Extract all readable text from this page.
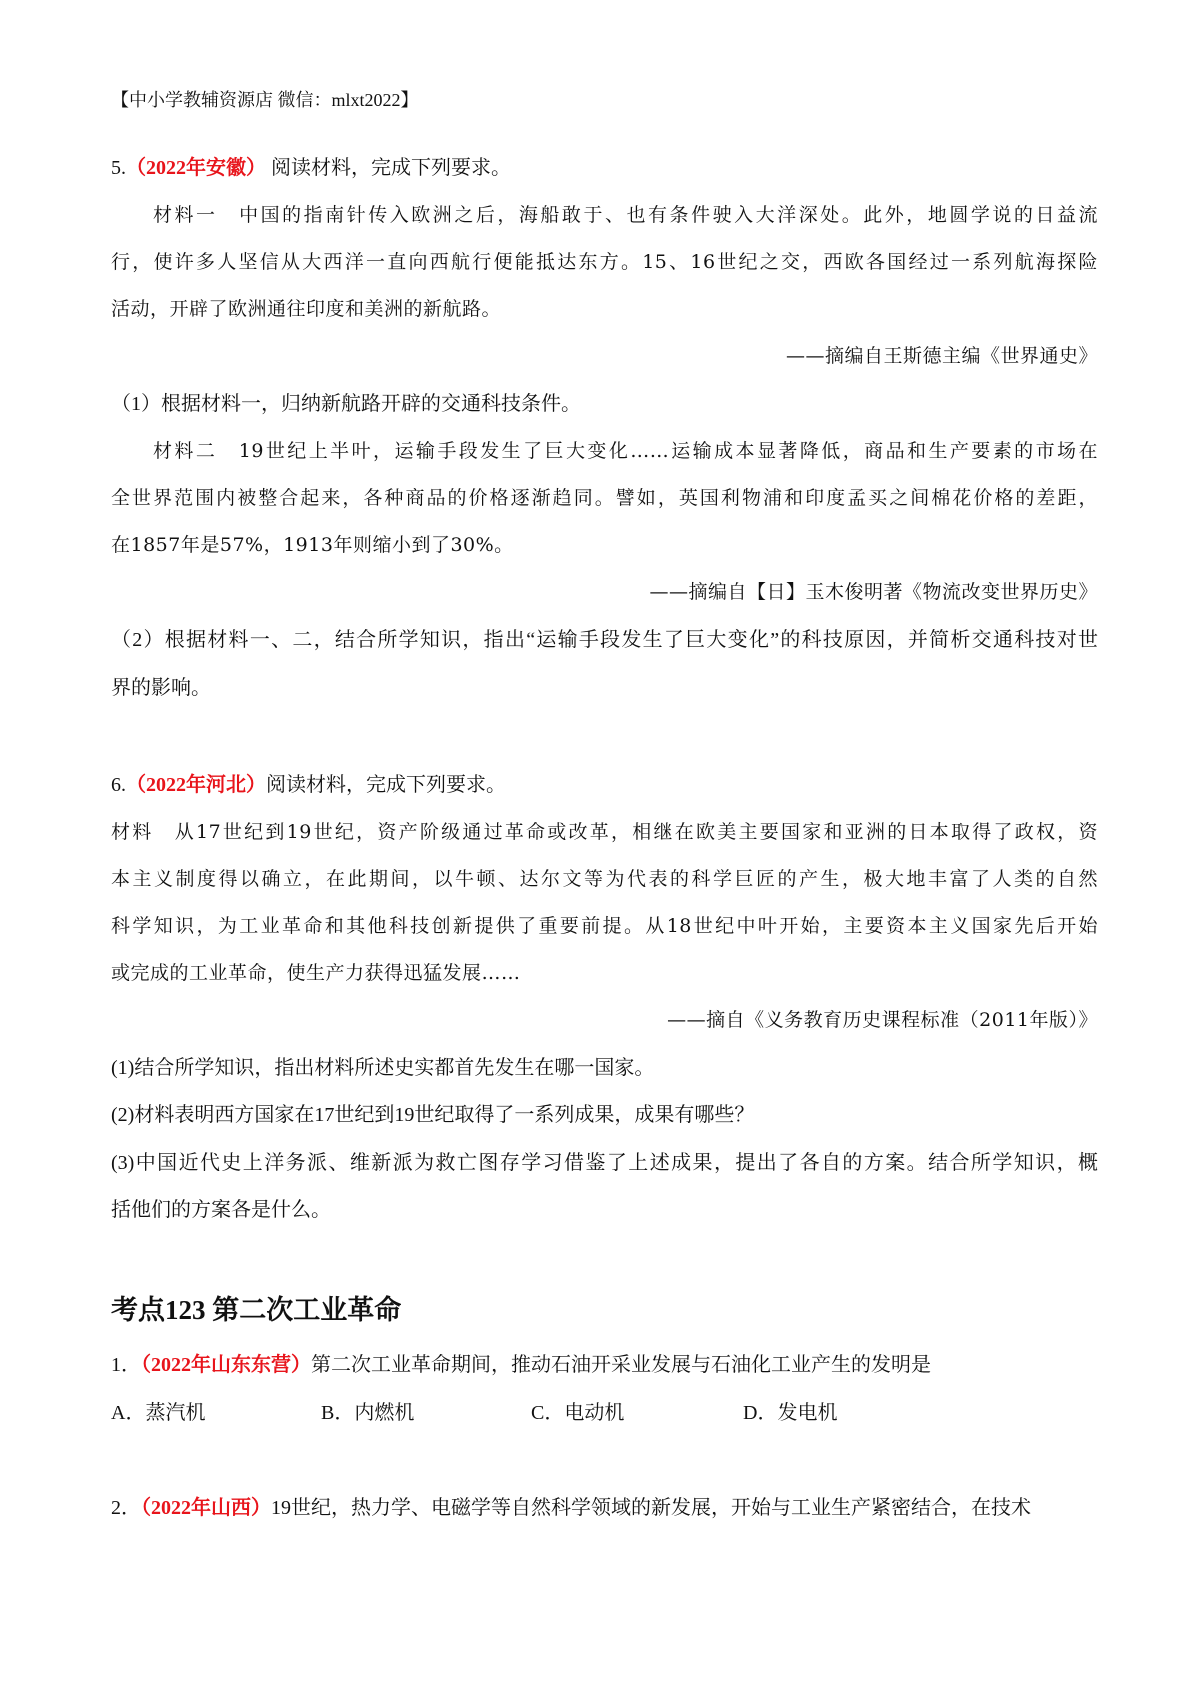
【中小学教辅资源店 微信：mlxt2022】
5.（2022年安徽） 阅读材料，完成下列要求。
材料一　中国的指南针传入欧洲之后，海船敢于、也有条件驶入大洋深处。此外，地圆学说的日益流
行，使许多人坚信从大西洋一直向西航行便能抵达东方。15、16世纪之交，西欧各国经过一系列航海探险
活动，开辟了欧洲通往印度和美洲的新航路。
——摘编自王斯德主编《世界通史》
（1）根据材料一，归纳新航路开辟的交通科技条件。
材料二　19世纪上半叶，运输手段发生了巨大变化……运输成本显著降低，商品和生产要素的市场在
全世界范围内被整合起来，各种商品的价格逐渐趋同。譬如，英国利物浦和印度孟买之间棉花价格的差距，
在1857年是57%，1913年则缩小到了30%。
——摘编自【日】玉木俊明著《物流改变世界历史》
（2）根据材料一、二，结合所学知识，指出“运输手段发生了巨大变化”的科技原因，并简析交通科技对世
界的影响。
6.（2022年河北）阅读材料，完成下列要求。
材料　从17世纪到19世纪，资产阶级通过革命或改革，相继在欧美主要国家和亚洲的日本取得了政权，资
本主义制度得以确立，在此期间，以牛顿、达尔文等为代表的科学巨匠的产生，极大地丰富了人类的自然
科学知识，为工业革命和其他科技创新提供了重要前提。从18世纪中叶开始，主要资本主义国家先后开始
或完成的工业革命，使生产力获得迅猛发展……
——摘自《义务教育历史课程标准（2011年版）》
(1)结合所学知识，指出材料所述史实都首先发生在哪一国家。
(2)材料表明西方国家在17世纪到19世纪取得了一系列成果，成果有哪些？
(3)中国近代史上洋务派、维新派为救亡图存学习借鉴了上述成果，提出了各自的方案。结合所学知识，概
括他们的方案各是什么。
考点123 第二次工业革命
1．（2022年山东东营）第二次工业革命期间，推动石油开采业发展与石油化工业产生的发明是
A．蒸汽机	B．内燃机	C．电动机	D．发电机
2．（2022年山西）19世纪，热力学、电磁学等自然科学领域的新发展，开始与工业生产紧密结合，在技术
